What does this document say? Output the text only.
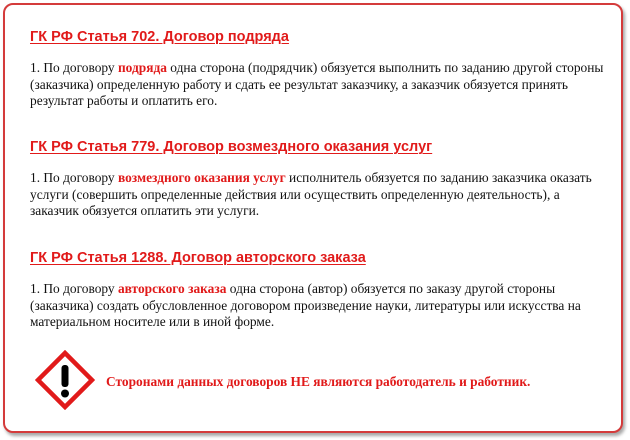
ГК РФ Статья 702. Договор подряда

1. По договору подряда одна сторона (подрядчик) обязуется выполнить по заданию другой стороны (заказчика) определенную работу и сдать ее результат заказчику, а заказчик обязуется принять результат работы и оплатить его.

ГК РФ Статья 779. Договор возмездного оказания услуг

1. По договору возмездного оказания услуг исполнитель обязуется по заданию заказчика оказать услуги (совершить определенные действия или осуществить определенную деятельность), а заказчик обязуется оплатить эти услуги.

ГК РФ Статья 1288. Договор авторского заказа

1. По договору авторского заказа одна сторона (автор) обязуется по заказу другой стороны (заказчика) создать обусловленное договором произведение науки, литературы или искусства на материальном носителе или в иной форме.

Сторонами данных договоров НЕ являются работодатель и работник.
